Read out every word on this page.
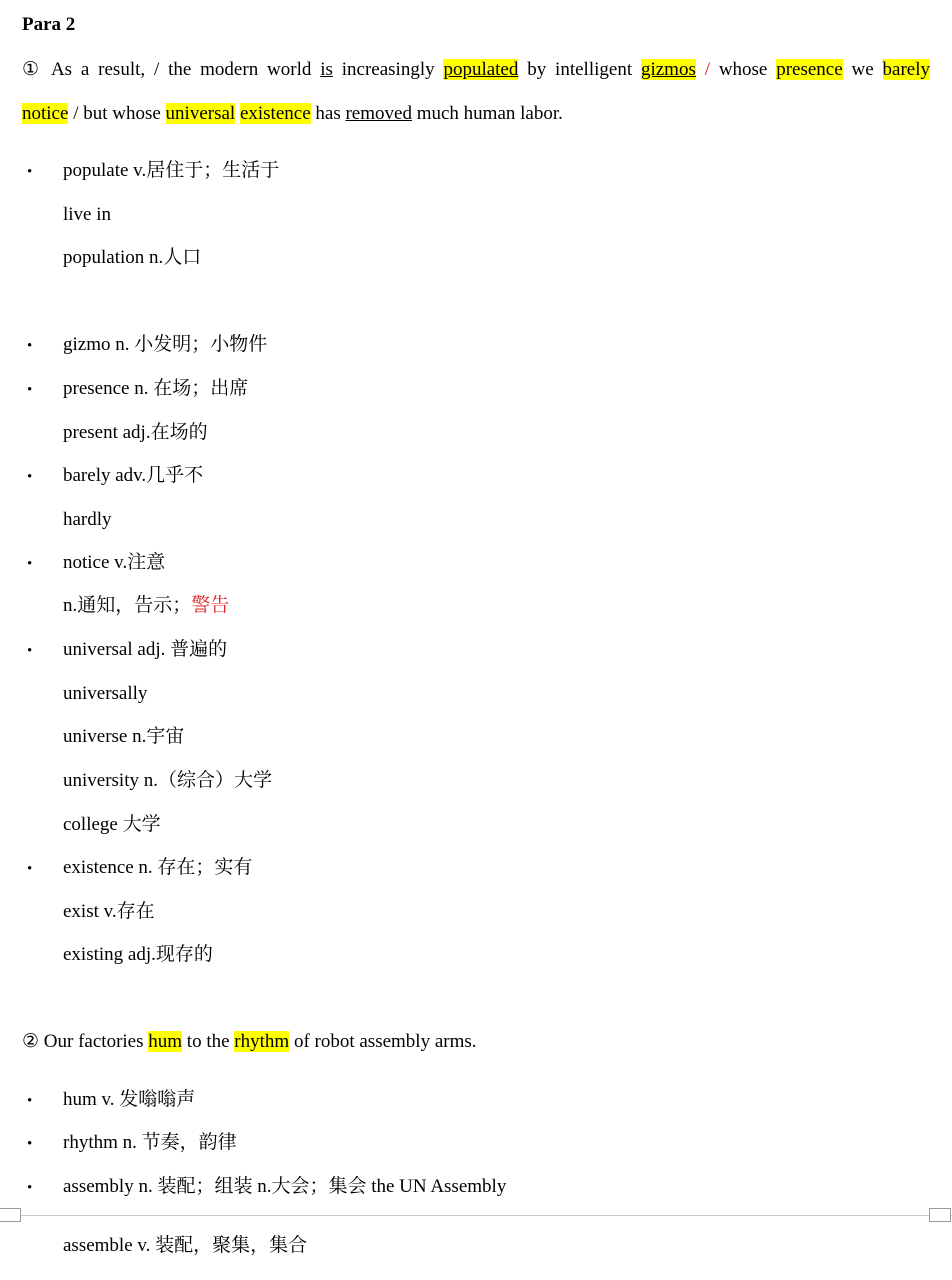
Para 2
① As a result, / the modern world is increasingly populated by intelligent gizmos / whose presence we barely
notice / but whose universal existence has removed much human labor.
• populate v.居住于；生活于
live in
population n.人口
• gizmo n. 小发明；小物件
• presence n. 在场；出席
present adj.在场的
• barely adv.几乎不
hardly
• notice v.注意
n.通知，告示；警告
• universal adj. 普遍的
universally
universe n.宇宙
university n.（综合）大学
college 大学
• existence n. 存在；实有
exist v.存在
existing adj.现存的
② Our factories hum to the rhythm of robot assembly arms.
• hum v. 发嗡嗡声
• rhythm n. 节奏，韵律
• assembly n. 装配；组装 n.大会；集会 the UN Assembly
assemble v. 装配，聚集，集合
